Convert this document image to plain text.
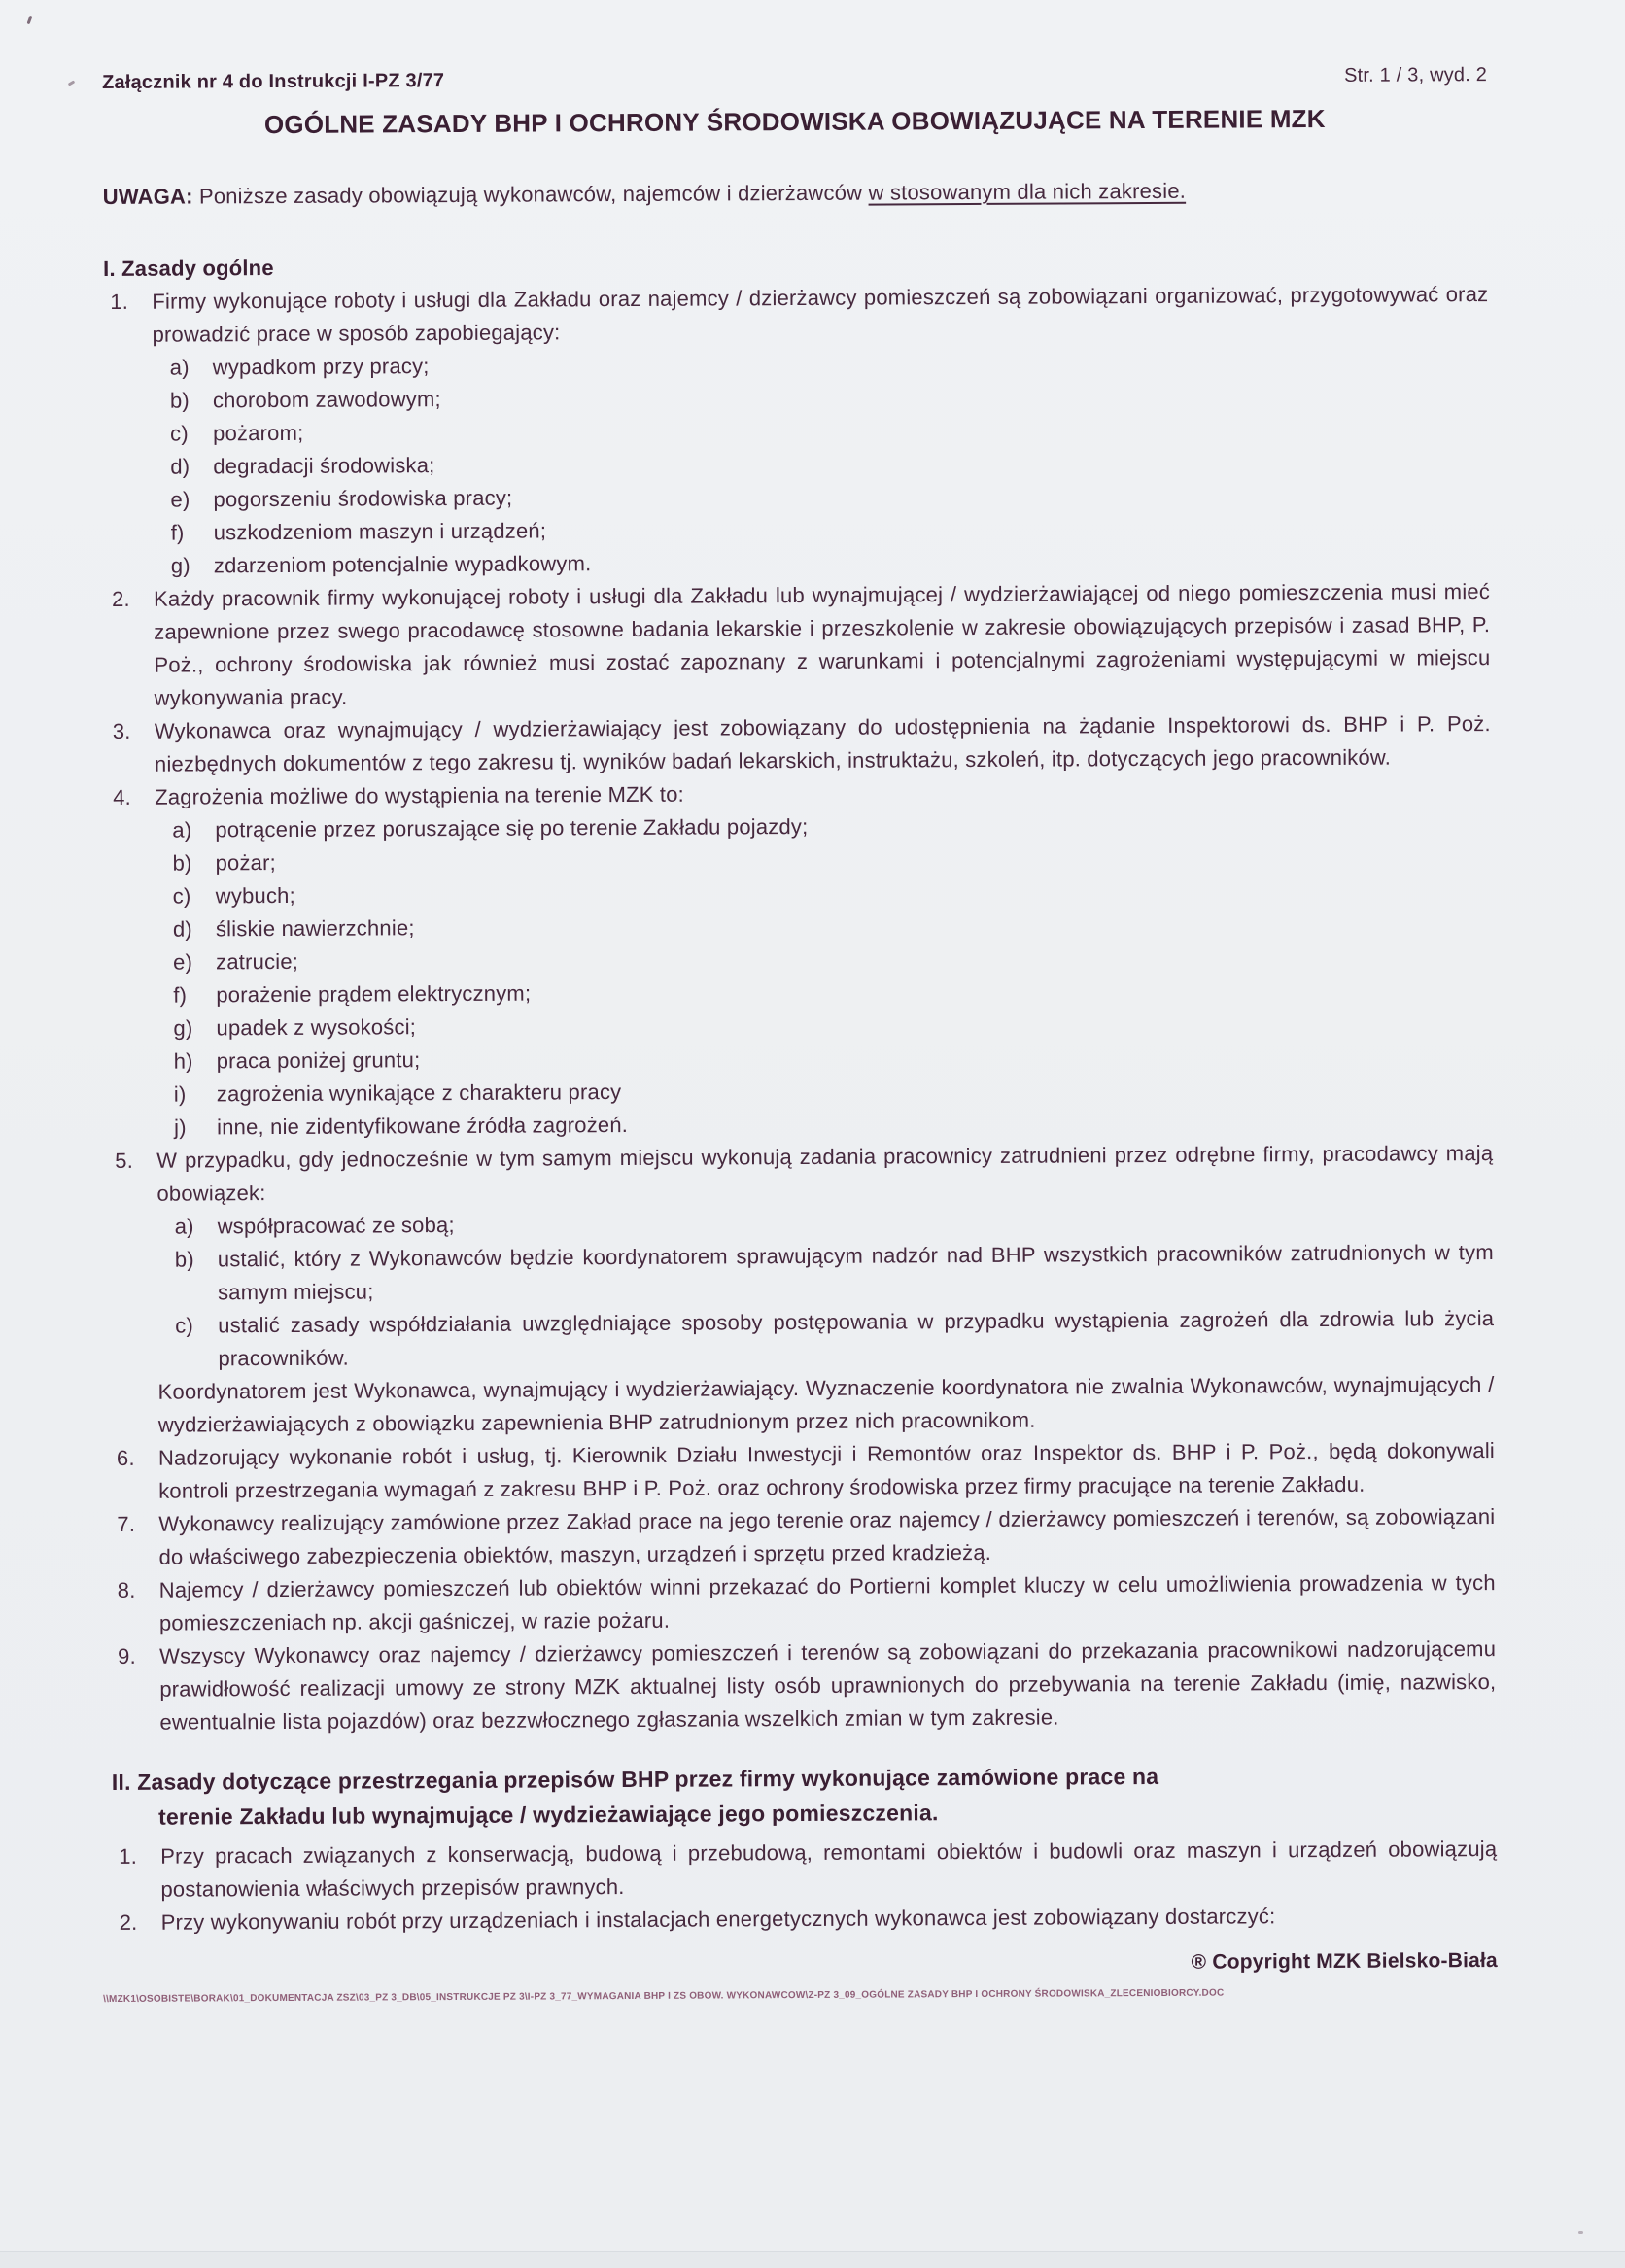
Załącznik nr 4 do Instrukcji I-PZ 3/77	Str. 1 / 3, wyd. 2
OGÓLNE ZASADY BHP I OCHRONY ŚRODOWISKA OBOWIĄZUJĄCE NA TERENIE MZK

UWAGA: Poniższe zasady obowiązują wykonawców, najemców i dzierżawców w stosowanym dla nich zakresie.

I. Zasady ogólne
1.	Firmy wykonujące roboty i usługi dla Zakładu oraz najemcy / dzierżawcy pomieszczeń są zobowiązani organizować, przygotowywać oraz prowadzić prace w sposób zapobiegający:

a)	wypadkom przy pracy;

b)	chorobom zawodowym;

c)	pożarom;

d)	degradacji środowiska;

e)	pogorszeniu środowiska pracy;

f)	uszkodzeniom maszyn i urządzeń;

g)	zdarzeniom potencjalnie wypadkowym.

2.	Każdy pracownik firmy wykonującej roboty i usługi dla Zakładu lub wynajmującej / wydzierżawiającej od niego pomieszczenia musi mieć zapewnione przez swego pracodawcę stosowne badania lekarskie i przeszkolenie w zakresie obowiązujących przepisów i zasad BHP, P. Poż., ochrony środowiska jak również musi zostać zapoznany z warunkami i potencjalnymi zagrożeniami występującymi w miejscu wykonywania pracy.

3.	Wykonawca oraz wynajmujący / wydzierżawiający jest zobowiązany do udostępnienia na żądanie Inspektorowi ds. BHP i P. Poż. niezbędnych dokumentów z tego zakresu tj. wyników badań lekarskich, instruktażu, szkoleń, itp. dotyczących jego pracowników.

4.	Zagrożenia możliwe do wystąpienia na terenie MZK to:

a)	potrącenie przez poruszające się po terenie Zakładu pojazdy;

b)	pożar;

c)	wybuch;

d)	śliskie nawierzchnie;

e)	zatrucie;

f)	porażenie prądem elektrycznym;

g)	upadek z wysokości;

h)	praca poniżej gruntu;

i)	zagrożenia wynikające z charakteru pracy

j)	inne, nie zidentyfikowane źródła zagrożeń.

5.	W przypadku, gdy jednocześnie w tym samym miejscu wykonują zadania pracownicy zatrudnieni przez odrębne firmy, pracodawcy mają obowiązek:

a)	współpracować ze sobą;

b)	ustalić, który z Wykonawców będzie koordynatorem sprawującym nadzór nad BHP wszystkich pracowników zatrudnionych w tym samym miejscu;

c)	ustalić zasady współdziałania uwzględniające sposoby postępowania w przypadku wystąpienia zagrożeń dla zdrowia lub życia pracowników.

Koordynatorem jest Wykonawca, wynajmujący i wydzierżawiający. Wyznaczenie koordynatora nie zwalnia Wykonawców, wynajmujących / wydzierżawiających z obowiązku zapewnienia BHP zatrudnionym przez nich pracownikom.

6.	Nadzorujący wykonanie robót i usług, tj. Kierownik Działu Inwestycji i Remontów oraz Inspektor ds. BHP i P. Poż., będą dokonywali kontroli przestrzegania wymagań z zakresu BHP i P. Poż. oraz ochrony środowiska przez firmy pracujące na terenie Zakładu.

7.	Wykonawcy realizujący zamówione przez Zakład prace na jego terenie oraz najemcy / dzierżawcy pomieszczeń i terenów, są zobowiązani do właściwego zabezpieczenia obiektów, maszyn, urządzeń i sprzętu przed kradzieżą.

8.	Najemcy / dzierżawcy pomieszczeń lub obiektów winni przekazać do Portierni komplet kluczy w celu umożliwienia prowadzenia w tych pomieszczeniach np. akcji gaśniczej, w razie pożaru.

9.	Wszyscy Wykonawcy oraz najemcy / dzierżawcy pomieszczeń i terenów są zobowiązani do przekazania pracownikowi nadzorującemu prawidłowość realizacji umowy ze strony MZK aktualnej listy osób uprawnionych do przebywania na terenie Zakładu (imię, nazwisko, ewentualnie lista pojazdów) oraz bezzwłocznego zgłaszania wszelkich zmian w tym zakresie.

II. Zasady dotyczące przestrzegania przepisów BHP przez firmy wykonujące zamówione prace na
terenie Zakładu lub wynajmujące / wydzieżawiające jego pomieszczenia.
1.	Przy pracach związanych z konserwacją, budową i przebudową, remontami obiektów i budowli oraz maszyn i urządzeń obowiązują postanowienia właściwych przepisów prawnych.

2.	Przy wykonywaniu robót przy urządzeniach i instalacjach energetycznych wykonawca jest zobowiązany dostarczyć:

® Copyright MZK Bielsko-Biała

\\MZK1\OSOBISTE\BORAK\01_DOKUMENTACJA ZSZ\03_PZ 3_DB\05_INSTRUKCJE PZ 3\I-PZ 3_77_WYMAGANIA BHP I ZS OBOW. WYKONAWCOW\Z-PZ 3_09_OGÓLNE ZASADY BHP I OCHRONY ŚRODOWISKA_ZLECENIOBIORCY.DOC
